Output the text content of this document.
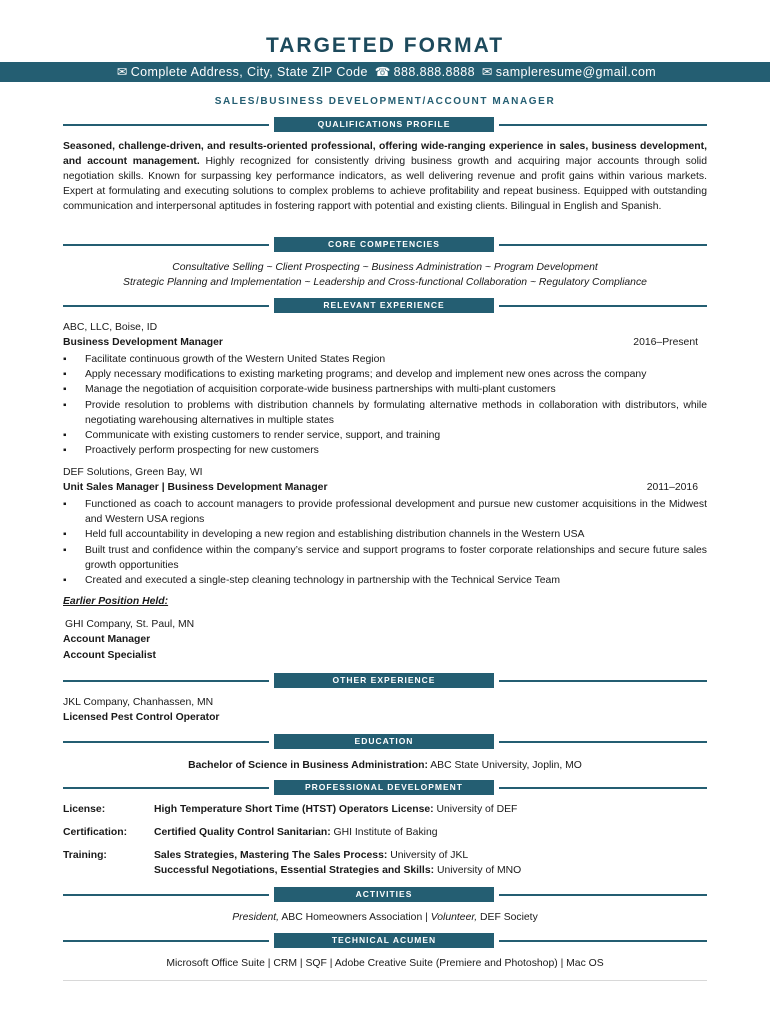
TARGETED FORMAT
✉︎ Complete Address, City, State ZIP Code ☎ 888.888.8888 ✉ sampleresume@gmail.com
SALES/BUSINESS DEVELOPMENT/ACCOUNT MANAGER
QUALIFICATIONS PROFILE
Seasoned, challenge-driven, and results-oriented professional, offering wide-ranging experience in sales, business development, and account management. Highly recognized for consistently driving business growth and acquiring major accounts through solid negotiation skills. Known for surpassing key performance indicators, as well delivering revenue and profit gains within various markets. Expert at formulating and executing solutions to complex problems to achieve profitability and repeat business. Equipped with outstanding communication and interpersonal aptitudes in fostering rapport with potential and existing clients. Bilingual in English and Spanish.
CORE COMPETENCIES
Consultative Selling ~ Client Prospecting ~ Business Administration ~ Program Development
Strategic Planning and Implementation ~ Leadership and Cross-functional Collaboration ~ Regulatory Compliance
RELEVANT EXPERIENCE
ABC, LLC, Boise, ID
Business Development Manager	2016–Present
▪ Facilitate continuous growth of the Western United States Region
▪ Apply necessary modifications to existing marketing programs; and develop and implement new ones across the company
▪ Manage the negotiation of acquisition corporate-wide business partnerships with multi-plant customers
▪ Provide resolution to problems with distribution channels by formulating alternative methods in collaboration with distributors, while negotiating warehousing alternatives in multiple states
▪ Communicate with existing customers to render service, support, and training
▪ Proactively perform prospecting for new customers
DEF Solutions, Green Bay, WI
Unit Sales Manager | Business Development Manager	2011–2016
▪ Functioned as coach to account managers to provide professional development and pursue new customer acquisitions in the Midwest and Western USA regions
▪ Held full accountability in developing a new region and establishing distribution channels in the Western USA
▪ Built trust and confidence within the company’s service and support programs to foster corporate relationships and secure future sales growth opportunities
▪ Created and executed a single-step cleaning technology in partnership with the Technical Service Team
Earlier Position Held:
GHI Company, St. Paul, MN
Account Manager
Account Specialist
OTHER EXPERIENCE
JKL Company, Chanhassen, MN
Licensed Pest Control Operator
EDUCATION
Bachelor of Science in Business Administration: ABC State University, Joplin, MO
PROFESSIONAL DEVELOPMENT
License:	High Temperature Short Time (HTST) Operators License: University of DEF
Certification:	Certified Quality Control Sanitarian: GHI Institute of Baking
Training:	Sales Strategies, Mastering The Sales Process: University of JKL
Successful Negotiations, Essential Strategies and Skills: University of MNO
ACTIVITIES
President, ABC Homeowners Association | Volunteer, DEF Society
TECHNICAL ACUMEN
Microsoft Office Suite | CRM | SQF | Adobe Creative Suite (Premiere and Photoshop) | Mac OS
